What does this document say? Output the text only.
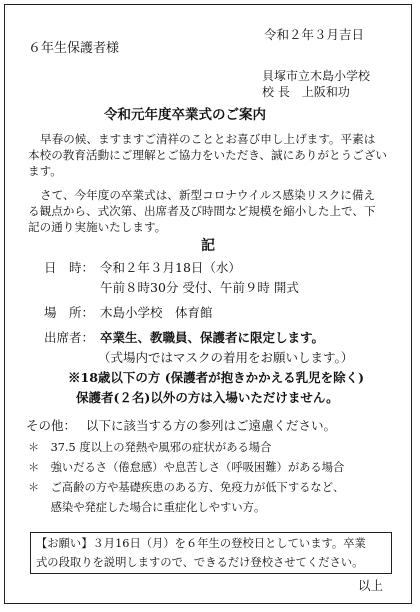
令和２年３月吉日
６年生保護者様
貝塚市立木島小学校
校 長　上阪和功
令和元年度卒業式のご案内
早春の候、ますますご清祥のこととお喜び申し上げます。平素は
本校の教育活動にご理解とご協力をいただき、誠にありがとうござい
ます。
さて、今年度の卒業式は、新型コロナウイルス感染リスクに備え
る観点から、式次第、出席者及び時間など規模を縮小した上で、下
記の通り実施いたします。
記
日　時： 令和２年３月18日（水）
午前８時30分 受付、午前９時 開式
場　所： 木島小学校　体育館
出席者： 卒業生、教職員、保護者に限定します。
（式場内ではマスクの着用をお願いします。）
※18歳以下の方 (保護者が抱きかかえる乳児を除く)
保護者(２名)以外の方は入場いただけません。
その他： 以下に該当する方の参列はご遠慮ください。
＊　37.5 度以上の発熱や風邪の症状がある場合
＊　強いだるさ（倦怠感）や息苦しさ（呼吸困難）がある場合
＊　ご高齢の方や基礎疾患のある方、免疫力が低下するなど、
　　感染や発症した場合に重症化しやすい方。
【お願い】３月16日（月）を６年生の登校日としています。卒業
式の段取りを説明しますので、できるだけ登校させてください。
以上
